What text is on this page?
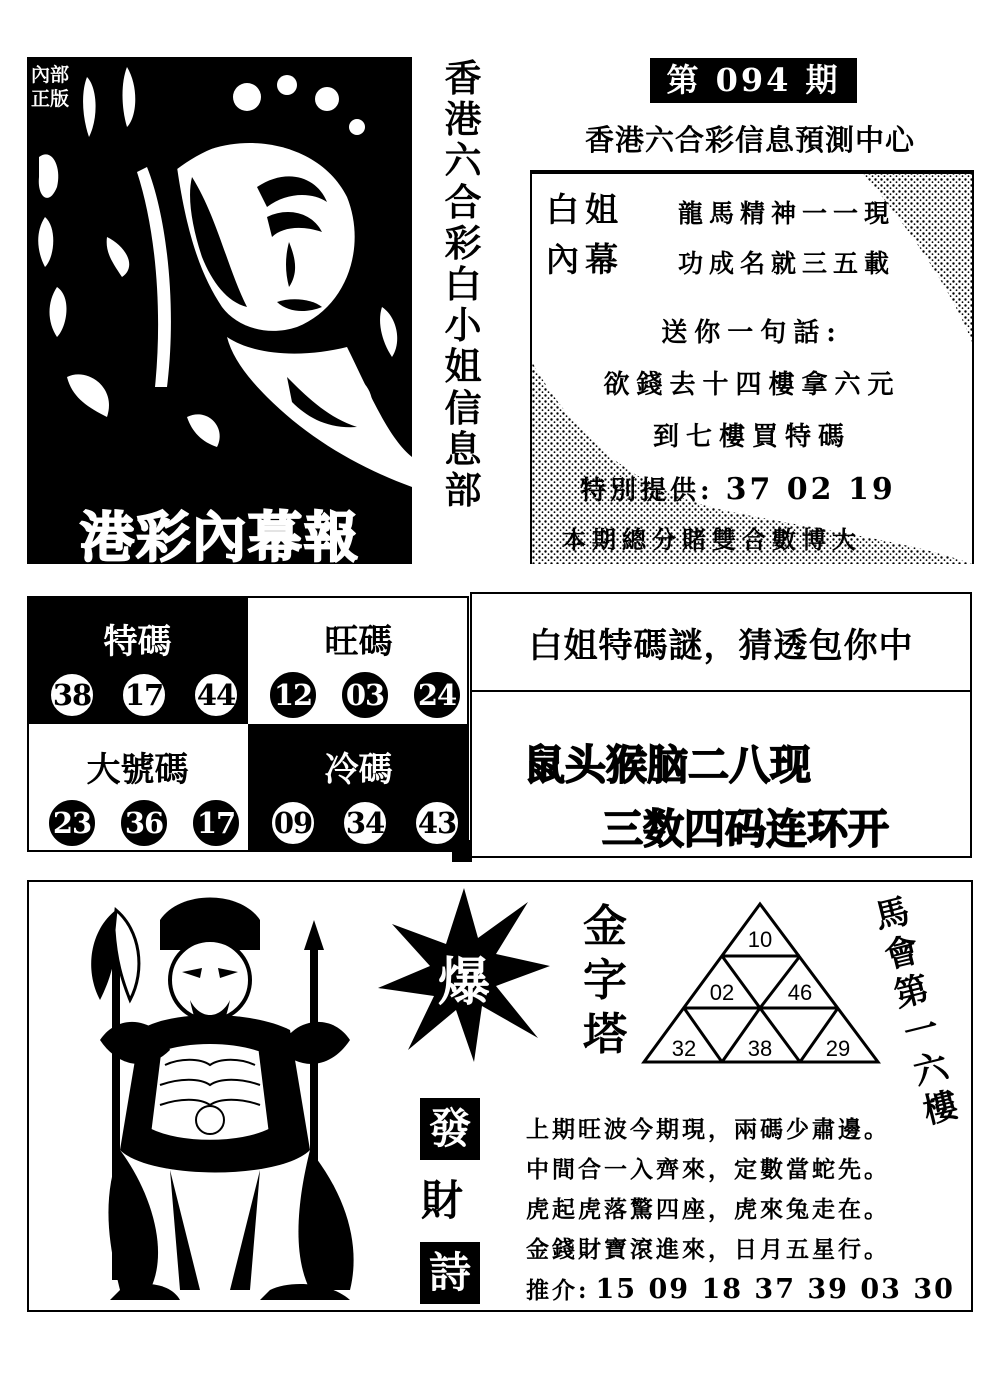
內部
正版
港彩內幕報
香
港
六
合
彩
白
小
姐
信
息
部
第 094 期
香港六合彩信息預測中心
白姐
內幕
龍馬精神一一現
功成名就三五載
送你一句話:
欲錢去十四樓拿六元
到七樓買特碼
特別提供: 37 02 19
本期總分賭雙合數博大
特碼
38 17 44
旺碼
12 03 24
大號碼
23 36 17
冷碼
09 34 43
白姐特碼謎，猜透包你中
鼠头猴脑二八现
三数四码连环开
爆
金
字
塔
10
02 46
32 38 29
馬
會
第
一
六
樓
發
財
詩
上期旺波今期現，兩碼少肅邊。
中間合一入齊來，定數當蛇先。
虎起虎落驚四座，虎來兔走在。
金錢財寶滾進來，日月五星行。
推介: 15 09 18 37 39 03 30
